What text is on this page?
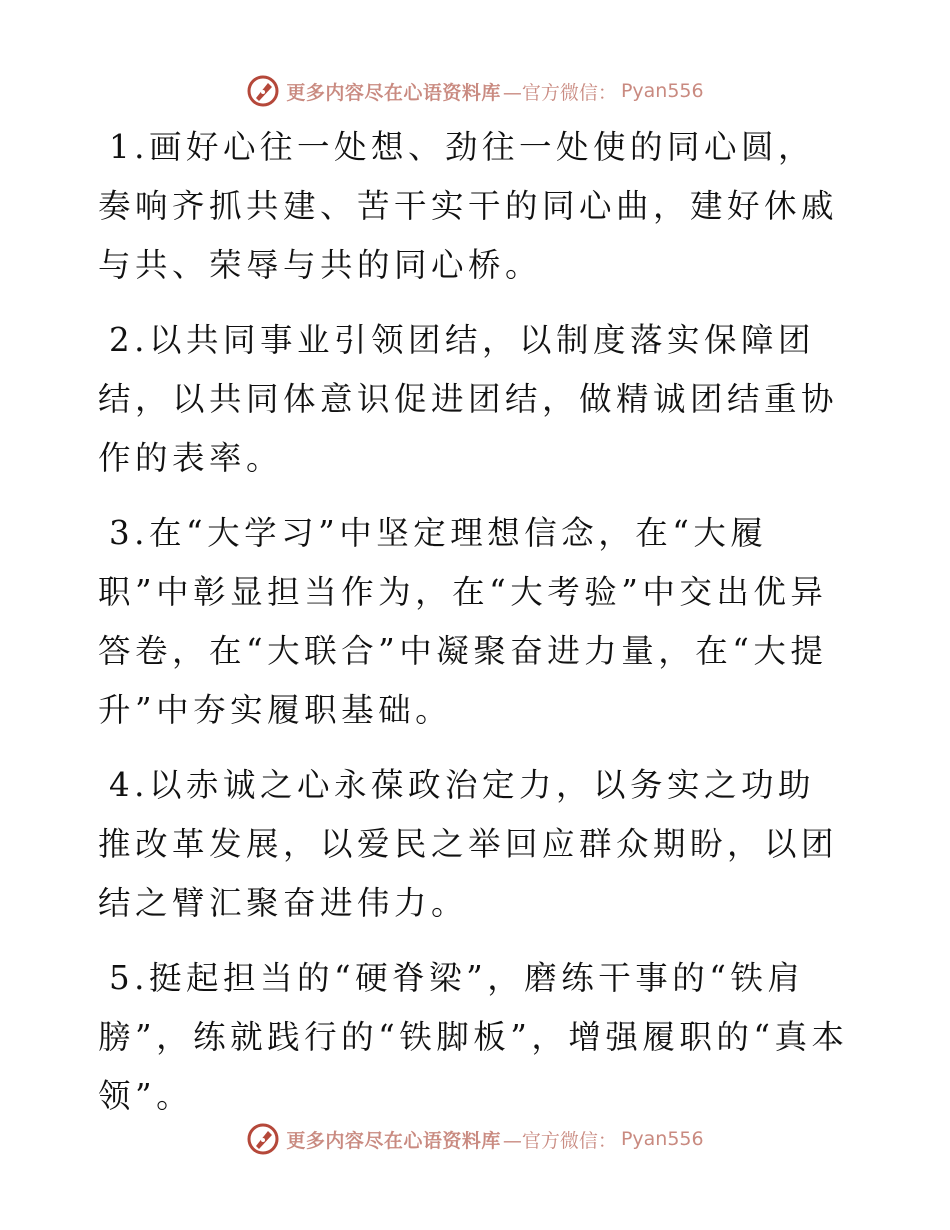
更多内容尽在心语资料库 —官方微信： Pyan556

1.画好心往一处想、劲往一处使的同心圆，奏响齐抓共建、苦干实干的同心曲，建好休戚与共、荣辱与共的同心桥。

2.以共同事业引领团结，以制度落实保障团结，以共同体意识促进团结，做精诚团结重协作的表率。

3.在“大学习”中坚定理想信念，在“大履职”中彰显担当作为，在“大考验”中交出优异答卷，在“大联合”中凝聚奋进力量，在“大提升”中夯实履职基础。

4.以赤诚之心永葆政治定力，以务实之功助推改革发展，以爱民之举回应群众期盼，以团结之臂汇聚奋进伟力。

5.挺起担当的“硬脊梁”，磨练干事的“铁肩膀”，练就践行的“铁脚板”，增强履职的“真本领”。

更多内容尽在心语资料库 —官方微信： Pyan556
